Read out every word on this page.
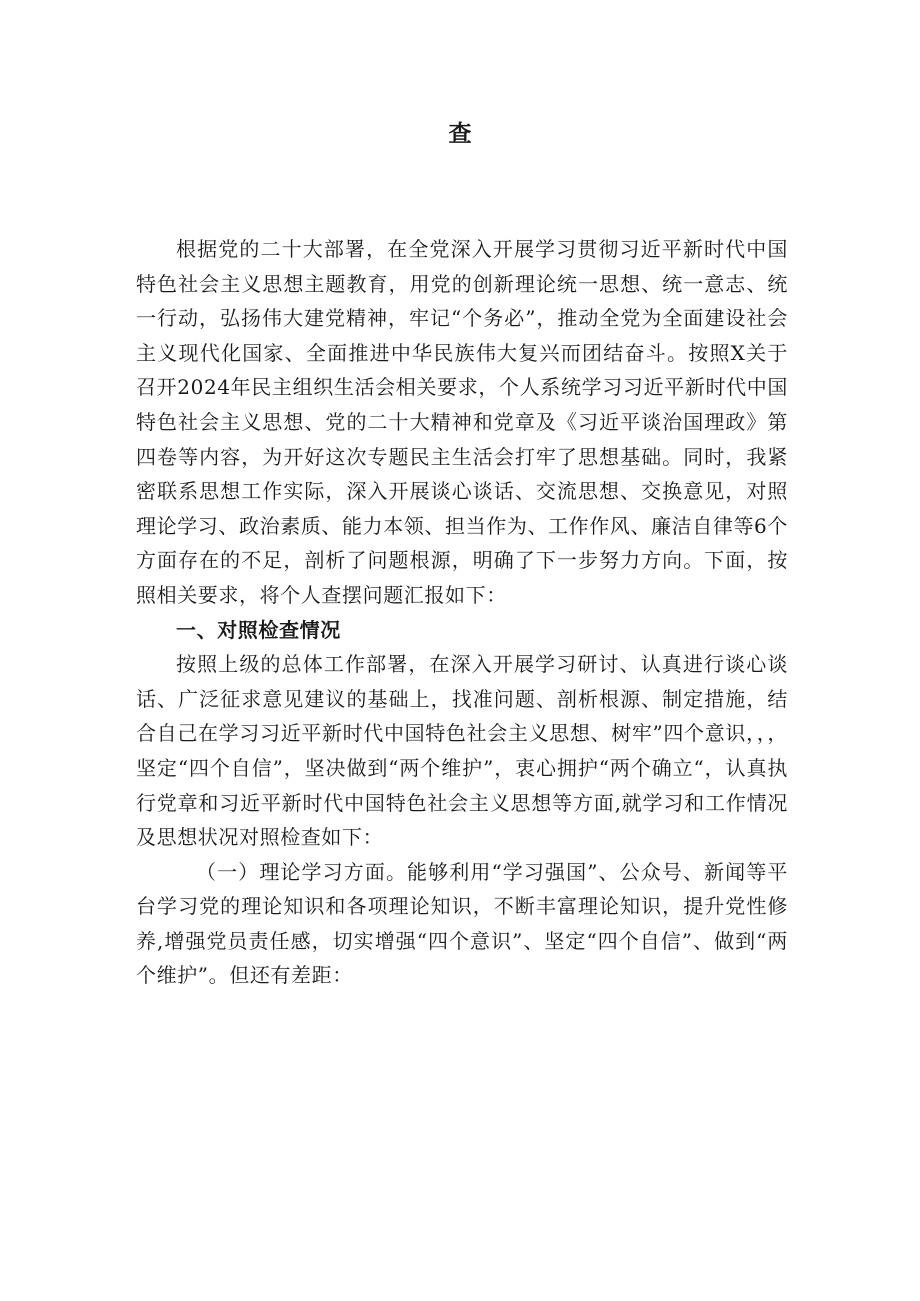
查

根据党的二十大部署，在全党深入开展学习贯彻习近平新时代中国特色社会主义思想主题教育，用党的创新理论统一思想、统一意志、统一行动，弘扬伟大建党精神，牢记“个务必”，推动全党为全面建设社会主义现代化国家、全面推进中华民族伟大复兴而团结奋斗。按照X关于召开2024年民主组织生活会相关要求，个人系统学习习近平新时代中国特色社会主义思想、党的二十大精神和党章及《习近平谈治国理政》第四卷等内容，为开好这次专题民主生活会打牢了思想基础。同时，我紧密联系思想工作实际，深入开展谈心谈话、交流思想、交换意见，对照理论学习、政治素质、能力本领、担当作为、工作作风、廉洁自律等6个方面存在的不足，剖析了问题根源，明确了下一步努力方向。下面，按照相关要求，将个人查摆问题汇报如下：

一、对照检查情况

按照上级的总体工作部署，在深入开展学习研讨、认真进行谈心谈话、广泛征求意见建议的基础上，找准问题、剖析根源、制定措施，结合自己在学习习近平新时代中国特色社会主义思想、树牢”四个意识，，，坚定“四个自信”，坚决做到“两个维护”，衷心拥护“两个确立“，认真执行党章和习近平新时代中国特色社会主义思想等方面,就学习和工作情况及思想状况对照检查如下：

（一）理论学习方面。能够利用“学习强国”、公众号、新闻等平台学习党的理论知识和各项理论知识，不断丰富理论知识，提升党性修养,增强党员责任感，切实增强“四个意识”、坚定“四个自信”、做到“两个维护”。但还有差距：
